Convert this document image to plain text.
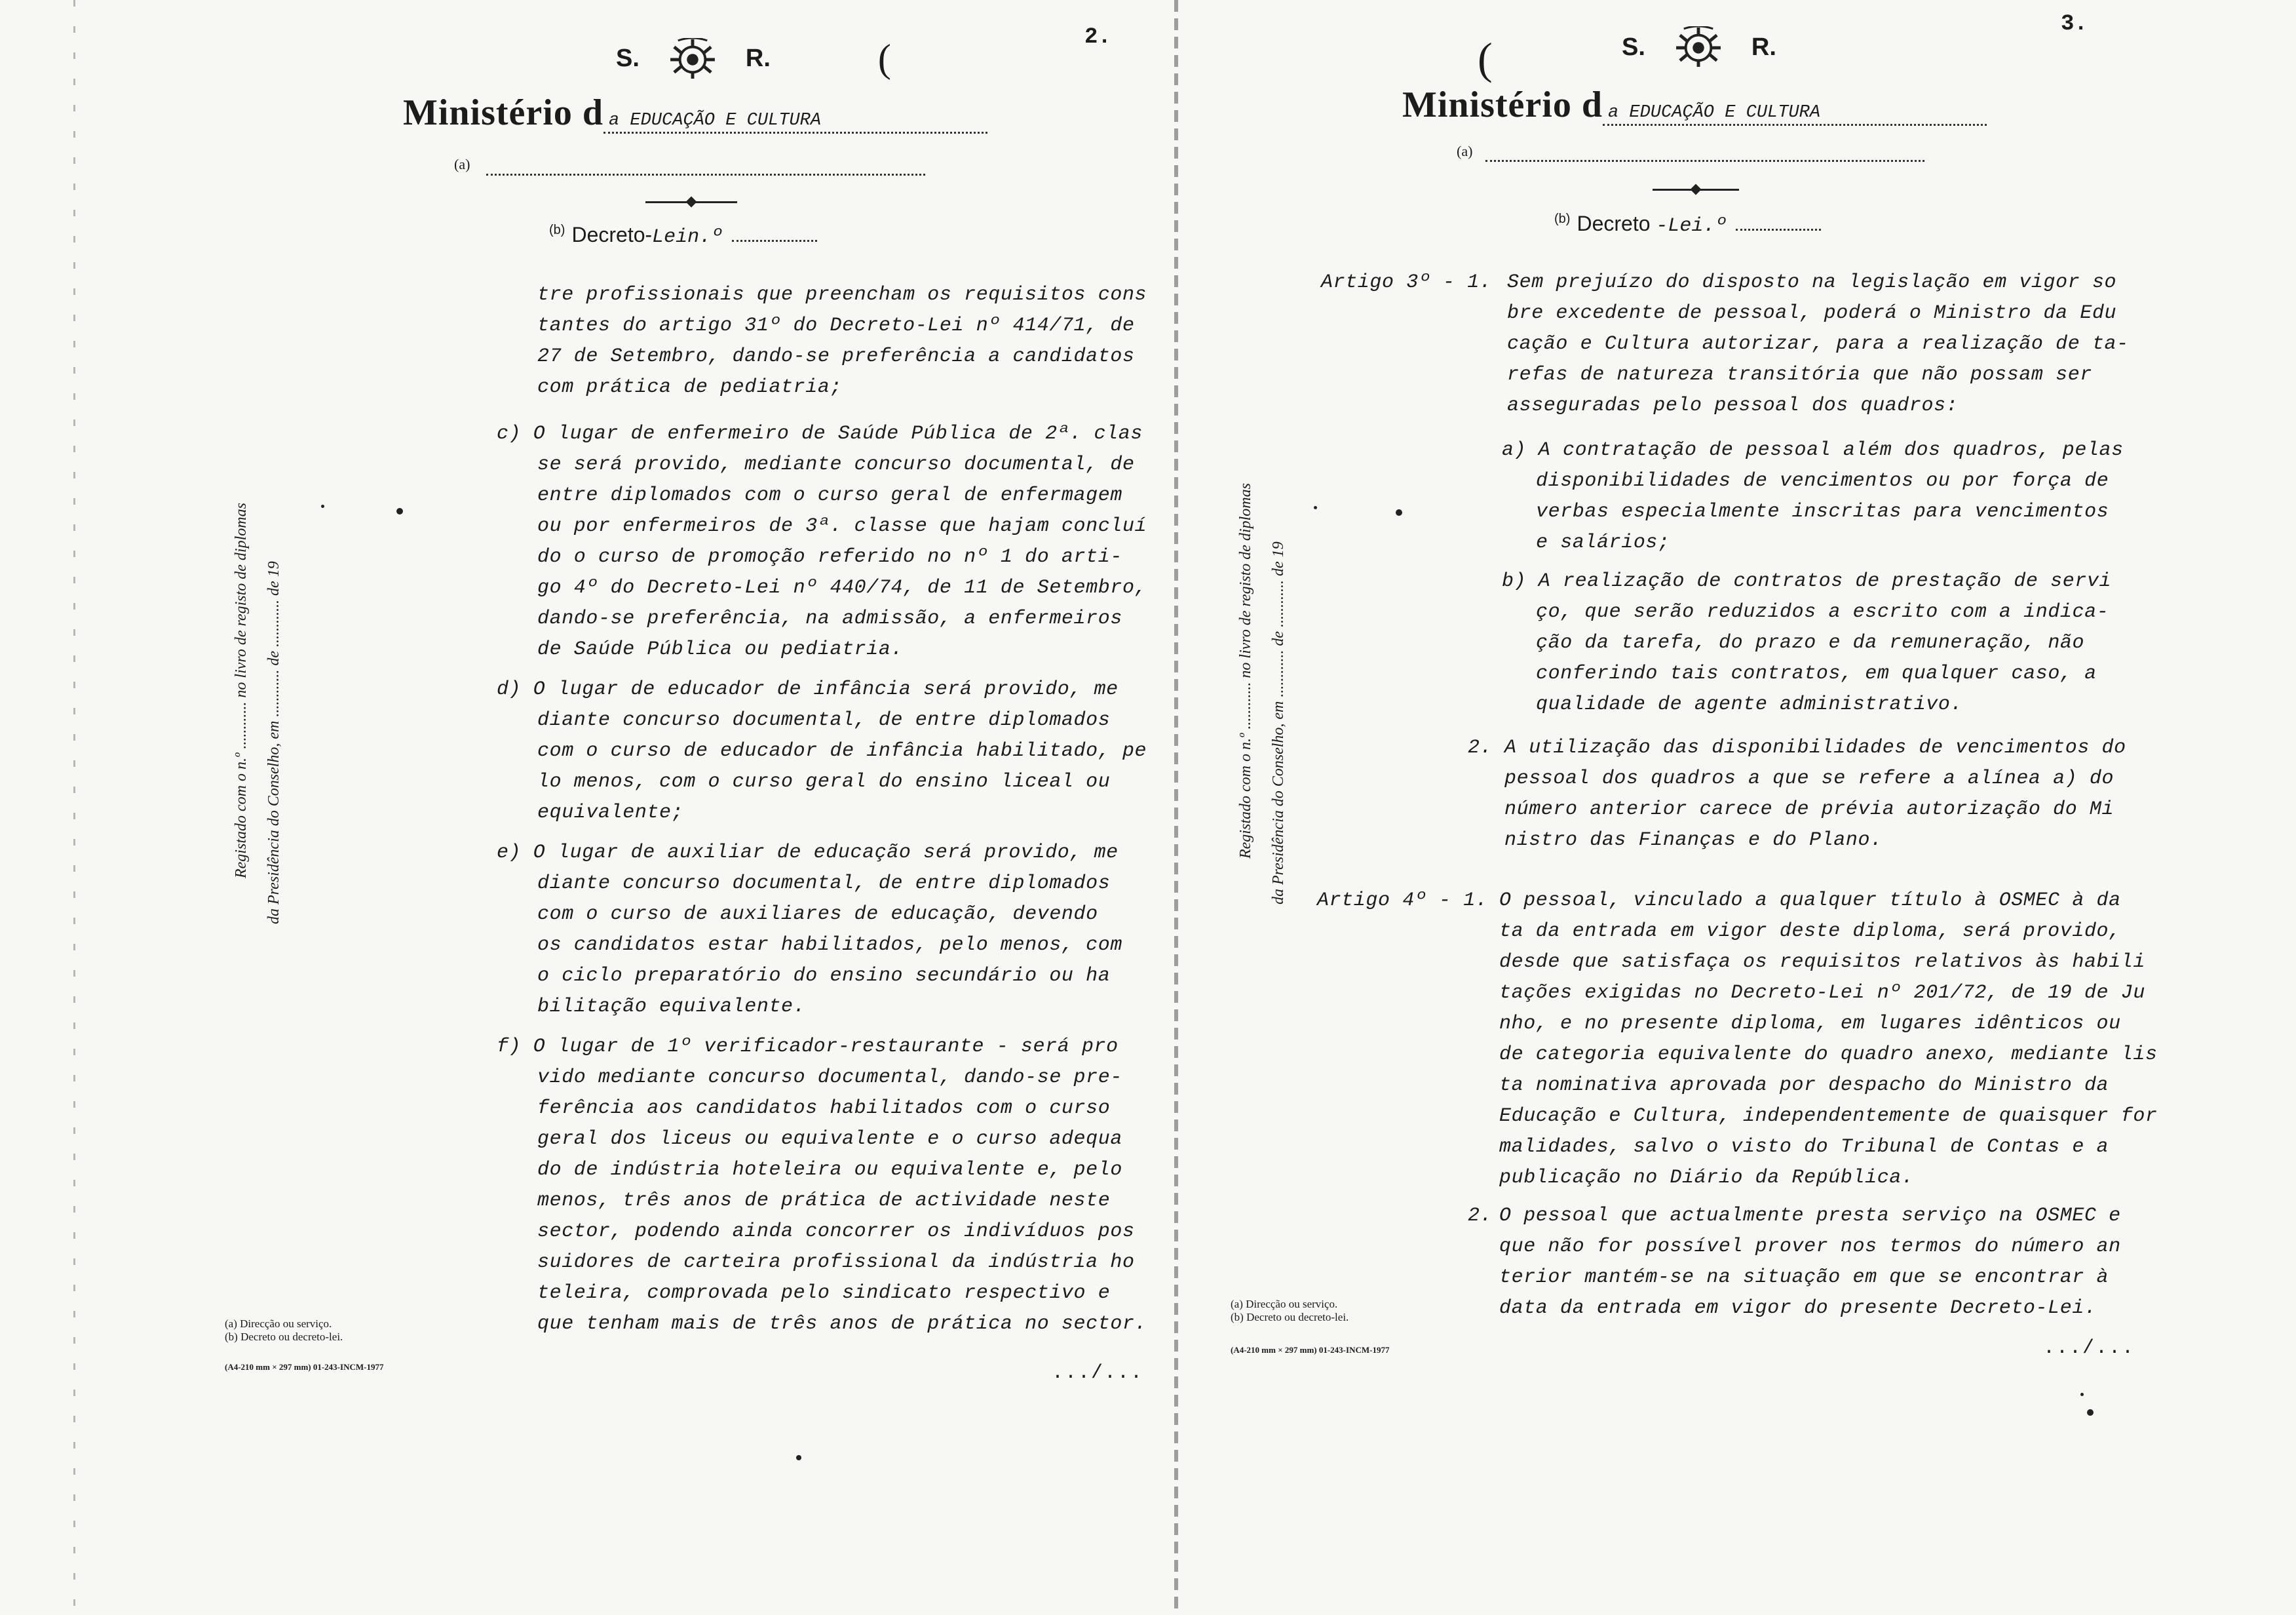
S.	R.	(	2.
Ministério d a EDUCAÇÃO E CULTURA
(a)
$^{(b)}$ Decreto-Lein.º
Registado com o n.º ............ no livro de registo de diplomas da Presidência do Conselho, em ............ de ............ de 19
tre profissionais que preencham os requisitos cons
tantes do artigo 31º do Decreto-Lei nº 414/71, de
27 de Setembro, dando-se preferência a candidatos
com prática de pediatria;
c) O lugar de enfermeiro de Saúde Pública de 2ª. clas
se será provido, mediante concurso documental, de
entre diplomados com o curso geral de enfermagem
ou por enfermeiros de 3ª. classe que hajam concluí
do o curso de promoção referido no nº 1 do arti-
go 4º do Decreto-Lei nº 440/74, de 11 de Setembro,
dando-se preferência, na admissão, a enfermeiros
de Saúde Pública ou pediatria.
d) O lugar de educador de infância será provido, me
diante concurso documental, de entre diplomados
com o curso de educador de infância habilitado, pe
lo menos, com o curso geral do ensino liceal ou
equivalente;
e) O lugar de auxiliar de educação será provido, me
diante concurso documental, de entre diplomados
com o curso de auxiliares de educação, devendo
os candidatos estar habilitados, pelo menos, com
o ciclo preparatório do ensino secundário ou ha
bilitação equivalente.
f) O lugar de 1º verificador-restaurante - será pro
vido mediante concurso documental, dando-se pre-
ferência aos candidatos habilitados com o curso
geral dos liceus ou equivalente e o curso adequa
do de indústria hoteleira ou equivalente e, pelo
menos, três anos de prática de actividade neste
sector, podendo ainda concorrer os indivíduos pos
suidores de carteira profissional da indústria ho
teleira, comprovada pelo sindicato respectivo e
que tenham mais de três anos de prática no sector.
(a) Direcção ou serviço.
(b) Decreto ou decreto-lei.
(A4-210 mm × 297 mm) 01-243-INCM-1977	.../...
S.	R.
(
3.
Ministério d a EDUCAÇÃO E CULTURA
(a)
$^{(b)}$ Decreto -Lei.º
Registado com o n.º ............ no livro de registo de diplomas da Presidência do Conselho, em ............ de ............ de 19
Artigo 3º - 1.
2.
Artigo 4º - 1.
2.
Sem prejuízo do disposto na legislação em vigor so
bre excedente de pessoal, poderá o Ministro da Edu
cação e Cultura autorizar, para a realização de ta-
refas de natureza transitória que não possam ser
asseguradas pelo pessoal dos quadros:
a) A contratação de pessoal além dos quadros, pelas
disponibilidades de vencimentos ou por força de
verbas especialmente inscritas para vencimentos
e salários;
b) A realização de contratos de prestação de servi
ço, que serão reduzidos a escrito com a indica-
ção da tarefa, do prazo e da remuneração, não
conferindo tais contratos, em qualquer caso, a
qualidade de agente administrativo.
A utilização das disponibilidades de vencimentos do
pessoal dos quadros a que se refere a alínea a) do
número anterior carece de prévia autorização do Mi
nistro das Finanças e do Plano.
O pessoal, vinculado a qualquer título à OSMEC à da
ta da entrada em vigor deste diploma, será provido,
desde que satisfaça os requisitos relativos às habili
tações exigidas no Decreto-Lei nº 201/72, de 19 de Ju
nho, e no presente diploma, em lugares idênticos ou
de categoria equivalente do quadro anexo, mediante lis
ta nominativa aprovada por despacho do Ministro da
Educação e Cultura, independentemente de quaisquer for
malidades, salvo o visto do Tribunal de Contas e a
publicação no Diário da República.
O pessoal que actualmente presta serviço na OSMEC e
que não for possível prover nos termos do número an
terior mantém-se na situação em que se encontrar à
data da entrada em vigor do presente Decreto-Lei.
(a) Direcção ou serviço.
(b) Decreto ou decreto-lei.
(A4-210 mm × 297 mm) 01-243-INCM-1977	.../...
